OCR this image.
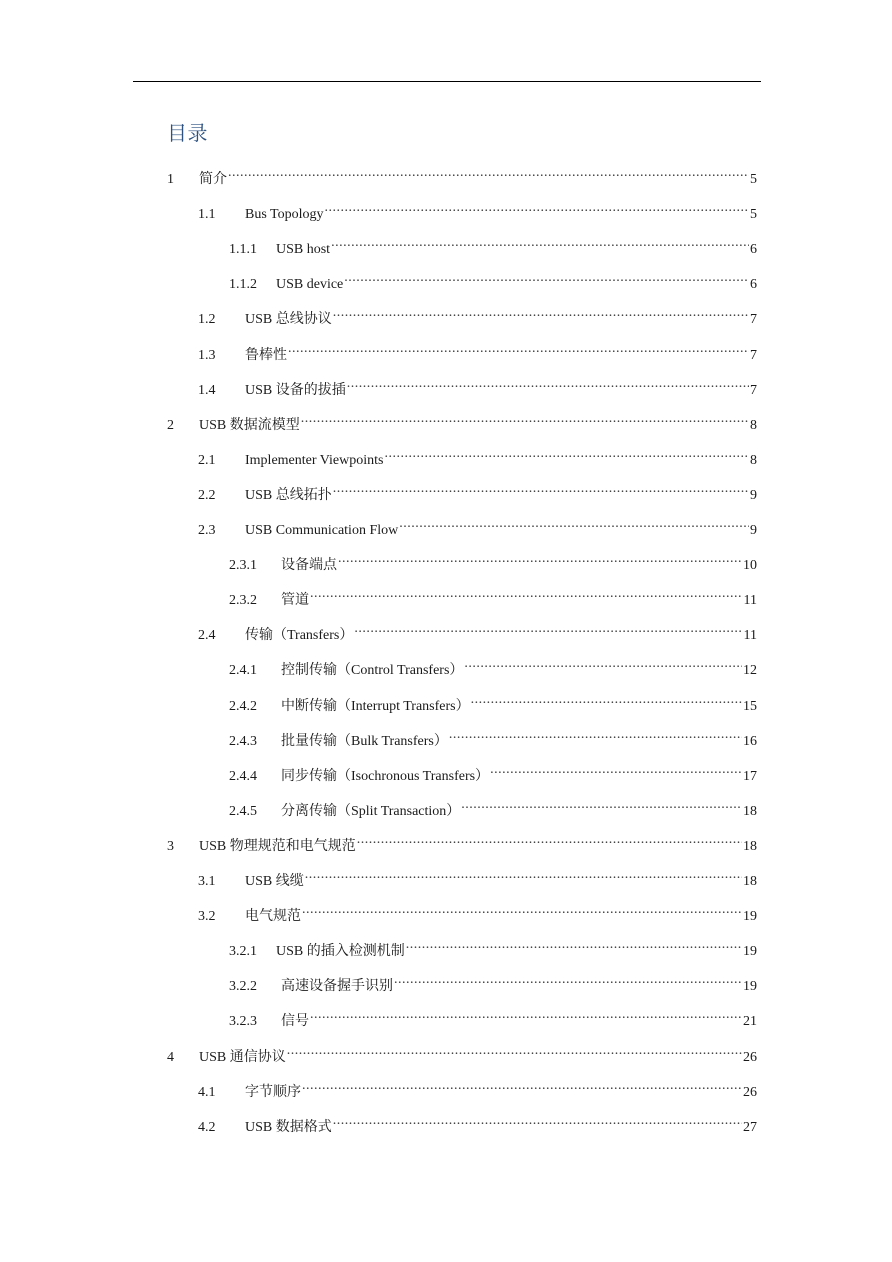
目录
1	简介 .....	5
1.1	Bus Topology .....	5
1.1.1	USB host .....	6
1.1.2	USB device .....	6
1.2	USB 总线协议 .....	7
1.3	鲁棒性 .....	7
1.4	USB 设备的拔插 .....	7
2	USB 数据流模型 .....	8
2.1	Implementer Viewpoints .....	8
2.2	USB 总线拓扑 .....	9
2.3	USB Communication Flow .....	9
2.3.1	设备端点 .....	10
2.3.2	管道 .....	11
2.4	传输（Transfers） .....	11
2.4.1	控制传输（Control Transfers） .....	12
2.4.2	中断传输（Interrupt Transfers） .....	15
2.4.3	批量传输（Bulk Transfers） .....	16
2.4.4	同步传输（Isochronous Transfers） .....	17
2.4.5	分离传输（Split Transaction） .....	18
3	USB 物理规范和电气规范 .....	18
3.1	USB 线缆 .....	18
3.2	电气规范 .....	19
3.2.1	USB 的插入检测机制 .....	19
3.2.2	高速设备握手识别 .....	19
3.2.3	信号 .....	21
4	USB 通信协议 .....	26
4.1	字节顺序 .....	26
4.2	USB 数据格式 .....	27
